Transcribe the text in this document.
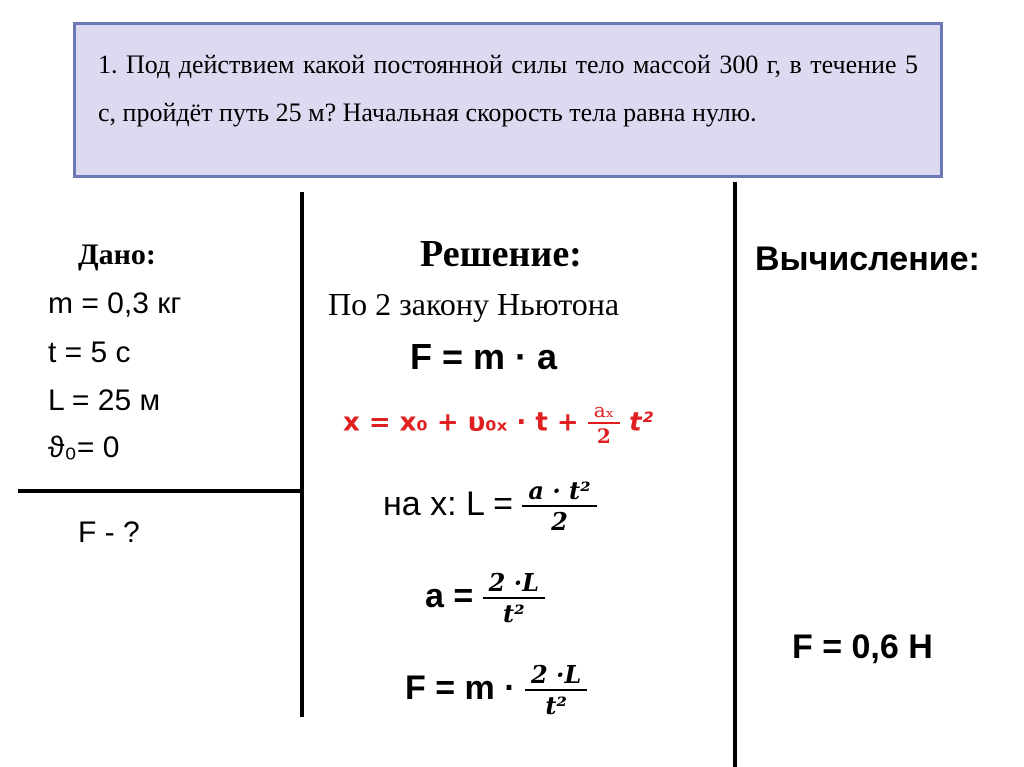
1. Под действием какой постоянной силы тело массой 300 г, в течение 5 с, пройдёт путь 25 м? Начальная скорость тела равна нулю.
Дано:
m = 0,3 кг
t = 5 с
L = 25 м
ϑ₀= 0
F - ?
Решение:
По 2 закону Ньютона
F = m · a
$x = x_0 + \upsilon_{0x} \cdot t + \frac{\text{aₓ}}{2} t^2$
на x: $L = \frac{\text{a · t²}}{2}$
$a = \frac{2 \cdot L}{\text{t²}}$
$F = m \cdot \frac{2 \cdot L}{\text{t²}}$
Вычисление:
F = 0,6 Н
